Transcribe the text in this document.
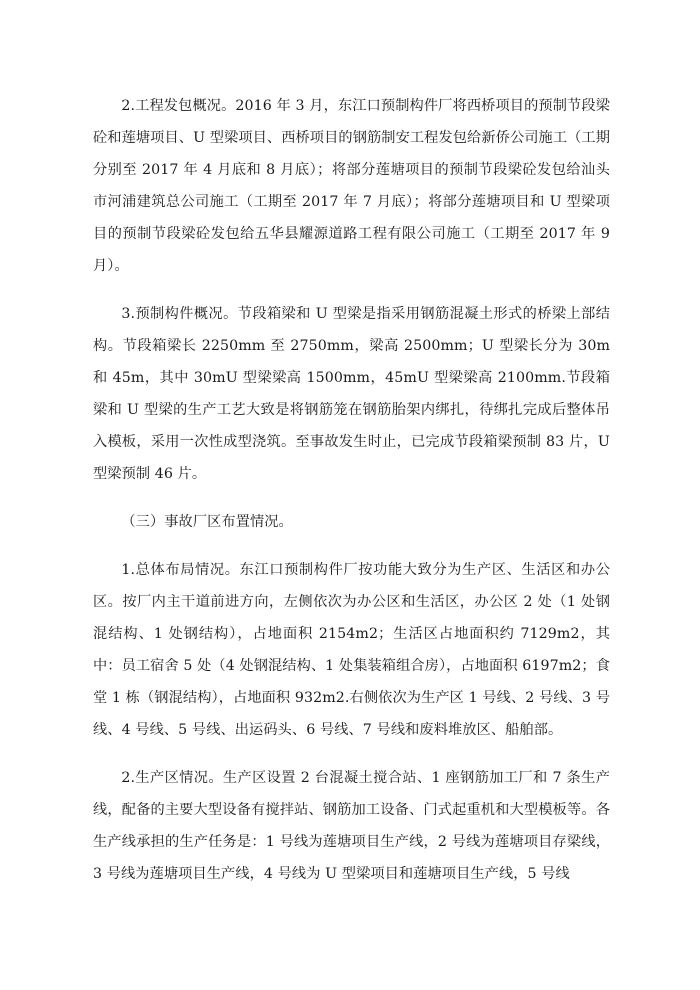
2.工程发包概况。2016 年 3 月，东江口预制构件厂将西桥项目的预制节段梁砼和莲塘项目、U 型梁项目、西桥项目的钢筋制安工程发包给新侨公司施工（工期分别至 2017 年 4 月底和 8 月底）；将部分莲塘项目的预制节段梁砼发包给汕头市河浦建筑总公司施工（工期至 2017 年 7 月底）；将部分莲塘项目和 U 型梁项目的预制节段梁砼发包给五华县耀源道路工程有限公司施工（工期至 2017 年 9 月）。

3.预制构件概况。节段箱梁和 U 型梁是指采用钢筋混凝土形式的桥梁上部结构。节段箱梁长 2250mm 至 2750mm，梁高 2500mm；U 型梁长分为 30m 和 45m，其中 30mU 型梁梁高 1500mm，45mU 型梁梁高 2100mm.节段箱梁和 U 型梁的生产工艺大致是将钢筋笼在钢筋胎架内绑扎，待绑扎完成后整体吊入模板，采用一次性成型浇筑。至事故发生时止，已完成节段箱梁预制 83 片，U 型梁预制 46 片。

（三）事故厂区布置情况。

1.总体布局情况。东江口预制构件厂按功能大致分为生产区、生活区和办公区。按厂内主干道前进方向，左侧依次为办公区和生活区，办公区 2 处（1 处钢混结构、1 处钢结构），占地面积 2154m2；生活区占地面积约 7129m2，其中：员工宿舍 5 处（4 处钢混结构、1 处集装箱组合房），占地面积 6197m2；食堂 1 栋（钢混结构），占地面积 932m2.右侧依次为生产区 1 号线、2 号线、3 号线、4 号线、5 号线、出运码头、6 号线、7 号线和废料堆放区、船舶部。

2.生产区情况。生产区设置 2 台混凝土搅合站、1 座钢筋加工厂和 7 条生产线，配备的主要大型设备有搅拌站、钢筋加工设备、门式起重机和大型模板等。各生产线承担的生产任务是：1 号线为莲塘项目生产线，2 号线为莲塘项目存梁线，3 号线为莲塘项目生产线，4 号线为 U 型梁项目和莲塘项目生产线，5 号线
